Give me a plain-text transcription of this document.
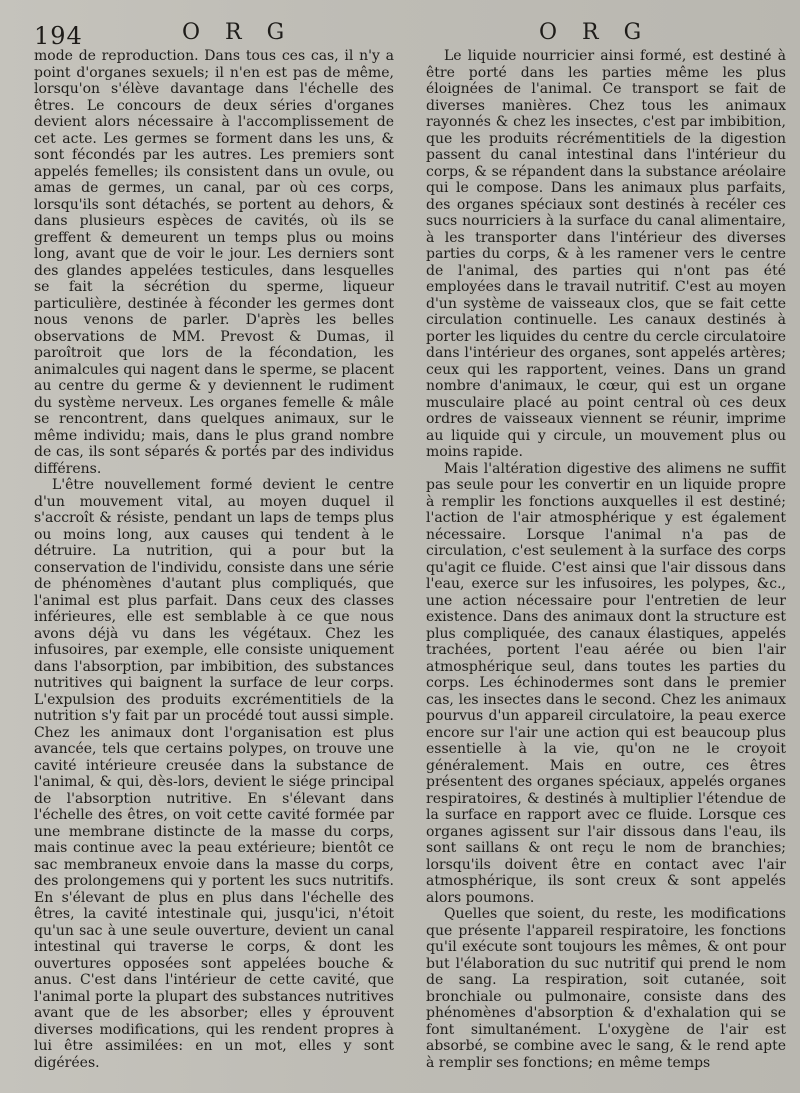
194	O R G	O R G

mode de reproduction. Dans tous ces cas, il n'y a point d'organes sexuels; il n'en est pas de même, lorsqu'on s'élève davantage dans l'échelle des êtres. Le concours de deux séries d'organes devient alors nécessaire à l'accomplissement de cet acte. Les germes se forment dans les uns, & sont fécondés par les autres. Les premiers sont appelés femelles; ils consistent dans un ovule, ou amas de germes, un canal, par où ces corps, lorsqu'ils sont détachés, se portent au dehors, & dans plusieurs espèces de cavités, où ils se greffent & demeurent un temps plus ou moins long, avant que de voir le jour. Les derniers sont des glandes appelées testicules, dans lesquelles se fait la sécrétion du sperme, liqueur particulière, destinée à féconder les germes dont nous venons de parler. D'après les belles observations de MM. Prevost & Dumas, il paroîtroit que lors de la fécondation, les animalcules qui nagent dans le sperme, se placent au centre du germe & y deviennent le rudiment du système nerveux. Les organes femelle & mâle se rencontrent, dans quelques animaux, sur le même individu; mais, dans le plus grand nombre de cas, ils sont séparés & portés par des individus différens.

L'être nouvellement formé devient le centre d'un mouvement vital, au moyen duquel il s'accroît & résiste, pendant un laps de temps plus ou moins long, aux causes qui tendent à le détruire. La nutrition, qui a pour but la conservation de l'individu, consiste dans une série de phénomènes d'autant plus compliqués, que l'animal est plus parfait. Dans ceux des classes inférieures, elle est semblable à ce que nous avons déjà vu dans les végétaux. Chez les infusoires, par exemple, elle consiste uniquement dans l'absorption, par imbibition, des substances nutritives qui baignent la surface de leur corps. L'expulsion des produits excrémentitiels de la nutrition s'y fait par un procédé tout aussi simple. Chez les animaux dont l'organisation est plus avancée, tels que certains polypes, on trouve une cavité intérieure creusée dans la substance de l'animal, & qui, dès-lors, devient le siége principal de l'absorption nutritive. En s'élevant dans l'échelle des êtres, on voit cette cavité formée par une membrane distincte de la masse du corps, mais continue avec la peau extérieure; bientôt ce sac membraneux envoie dans la masse du corps, des prolongemens qui y portent les sucs nutritifs. En s'élevant de plus en plus dans l'échelle des êtres, la cavité intestinale qui, jusqu'ici, n'étoit qu'un sac à une seule ouverture, devient un canal intestinal qui traverse le corps, & dont les ouvertures opposées sont appelées bouche & anus. C'est dans l'intérieur de cette cavité, que l'animal porte la plupart des substances nutritives avant que de les absorber; elles y éprouvent diverses modifications, qui les rendent propres à lui être assimilées: en un mot, elles y sont digérées.

Le liquide nourricier ainsi formé, est destiné à être porté dans les parties même les plus éloignées de l'animal. Ce transport se fait de diverses manières. Chez tous les animaux rayonnés & chez les insectes, c'est par imbibition, que les produits récrémentitiels de la digestion passent du canal intestinal dans l'intérieur du corps, & se répandent dans la substance aréolaire qui le compose. Dans les animaux plus parfaits, des organes spéciaux sont destinés à recéler ces sucs nourriciers à la surface du canal alimentaire, à les transporter dans l'intérieur des diverses parties du corps, & à les ramener vers le centre de l'animal, des parties qui n'ont pas été employées dans le travail nutritif. C'est au moyen d'un système de vaisseaux clos, que se fait cette circulation continuelle. Les canaux destinés à porter les liquides du centre du cercle circulatoire dans l'intérieur des organes, sont appelés artères; ceux qui les rapportent, veines. Dans un grand nombre d'animaux, le cœur, qui est un organe musculaire placé au point central où ces deux ordres de vaisseaux viennent se réunir, imprime au liquide qui y circule, un mouvement plus ou moins rapide.

Mais l'altération digestive des alimens ne suffit pas seule pour les convertir en un liquide propre à remplir les fonctions auxquelles il est destiné; l'action de l'air atmosphérique y est également nécessaire. Lorsque l'animal n'a pas de circulation, c'est seulement à la surface des corps qu'agit ce fluide. C'est ainsi que l'air dissous dans l'eau, exerce sur les infusoires, les polypes, &c., une action nécessaire pour l'entretien de leur existence. Dans des animaux dont la structure est plus compliquée, des canaux élastiques, appelés trachées, portent l'eau aérée ou bien l'air atmosphérique seul, dans toutes les parties du corps. Les échinodermes sont dans le premier cas, les insectes dans le second. Chez les animaux pourvus d'un appareil circulatoire, la peau exerce encore sur l'air une action qui est beaucoup plus essentielle à la vie, qu'on ne le croyoit généralement. Mais en outre, ces êtres présentent des organes spéciaux, appelés organes respiratoires, & destinés à multiplier l'étendue de la surface en rapport avec ce fluide. Lorsque ces organes agissent sur l'air dissous dans l'eau, ils sont saillans & ont reçu le nom de branchies; lorsqu'ils doivent être en contact avec l'air atmosphérique, ils sont creux & sont appelés alors poumons.

Quelles que soient, du reste, les modifications que présente l'appareil respiratoire, les fonctions qu'il exécute sont toujours les mêmes, & ont pour but l'élaboration du suc nutritif qui prend le nom de sang. La respiration, soit cutanée, soit bronchiale ou pulmonaire, consiste dans des phénomènes d'absorption & d'exhalation qui se font simultanément. L'oxygène de l'air est absorbé, se combine avec le sang, & le rend apte à remplir ses fonctions; en même temps
